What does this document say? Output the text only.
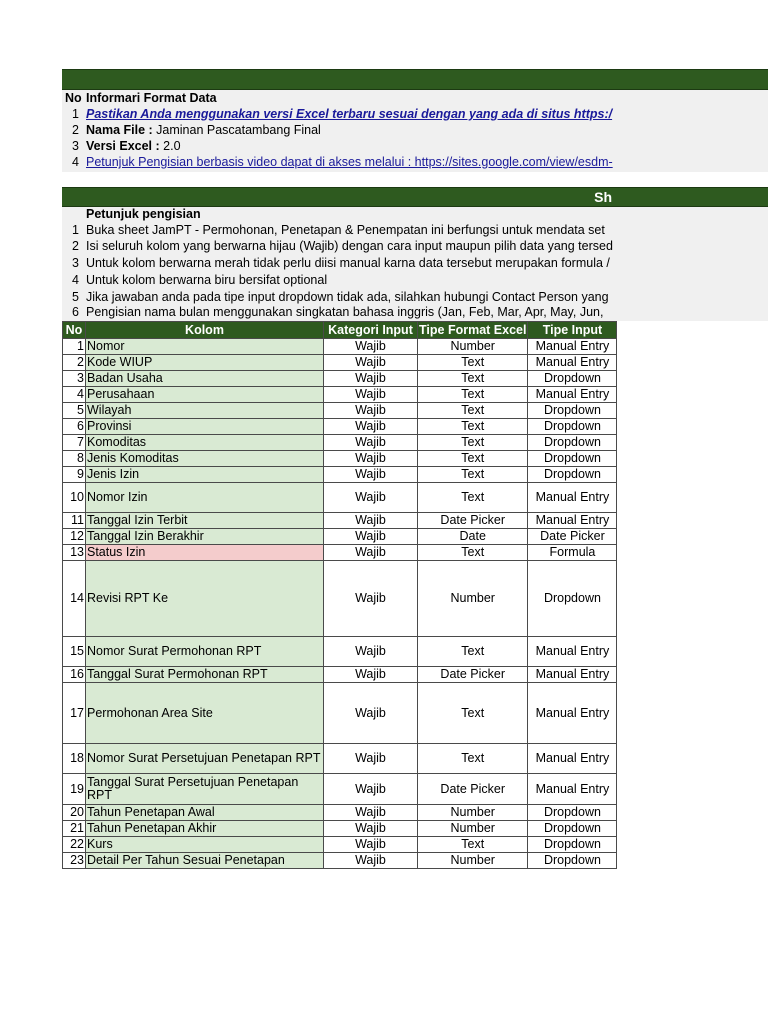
No Informari Format Data
1 Pastikan Anda menggunakan versi Excel terbaru sesuai dengan yang ada di situs https:/
2 Nama File : Jaminan Pascatambang Final
3 Versi Excel : 2.0
4 Petunjuk Pengisian berbasis video dapat di akses melalui : https://sites.google.com/view/esdm-
Sh
Petunjuk pengisian
1 Buka sheet JamPT - Permohonan, Penetapan & Penempatan ini berfungsi untuk mendata set
2 Isi seluruh kolom yang berwarna hijau (Wajib) dengan cara input maupun pilih data yang tersed
3 Untuk kolom berwarna merah tidak perlu diisi manual karna data tersebut merupakan formula /
4 Untuk kolom berwarna biru bersifat optional
5 Jika jawaban anda pada tipe input dropdown tidak ada, silahkan hubungi Contact Person yang
6 Pengisian nama bulan menggunakan singkatan bahasa inggris (Jan, Feb, Mar, Apr, May, Jun,
No	Kolom	Kategori Input	Tipe Format Excel	Tipe Input
1	Nomor	Wajib	Number	Manual Entry
2	Kode WIUP	Wajib	Text	Manual Entry
3	Badan Usaha	Wajib	Text	Dropdown
4	Perusahaan	Wajib	Text	Manual Entry
5	Wilayah	Wajib	Text	Dropdown
6	Provinsi	Wajib	Text	Dropdown
7	Komoditas	Wajib	Text	Dropdown
8	Jenis Komoditas	Wajib	Text	Dropdown
9	Jenis Izin	Wajib	Text	Dropdown
10	Nomor Izin	Wajib	Text	Manual Entry
11	Tanggal Izin Terbit	Wajib	Date Picker	Manual Entry
12	Tanggal Izin Berakhir	Wajib	Date	Date Picker
13	Status Izin	Wajib	Text	Formula
14	Revisi RPT Ke	Wajib	Number	Dropdown
15	Nomor Surat Permohonan RPT	Wajib	Text	Manual Entry
16	Tanggal Surat Permohonan RPT	Wajib	Date Picker	Manual Entry
17	Permohonan Area Site	Wajib	Text	Manual Entry
18	Nomor Surat Persetujuan Penetapan RPT	Wajib	Text	Manual Entry
19	Tanggal Surat Persetujuan Penetapan RPT	Wajib	Date Picker	Manual Entry
20	Tahun Penetapan Awal	Wajib	Number	Dropdown
21	Tahun Penetapan Akhir	Wajib	Number	Dropdown
22	Kurs	Wajib	Text	Dropdown
23	Detail Per Tahun Sesuai Penetapan	Wajib	Number	Dropdown
